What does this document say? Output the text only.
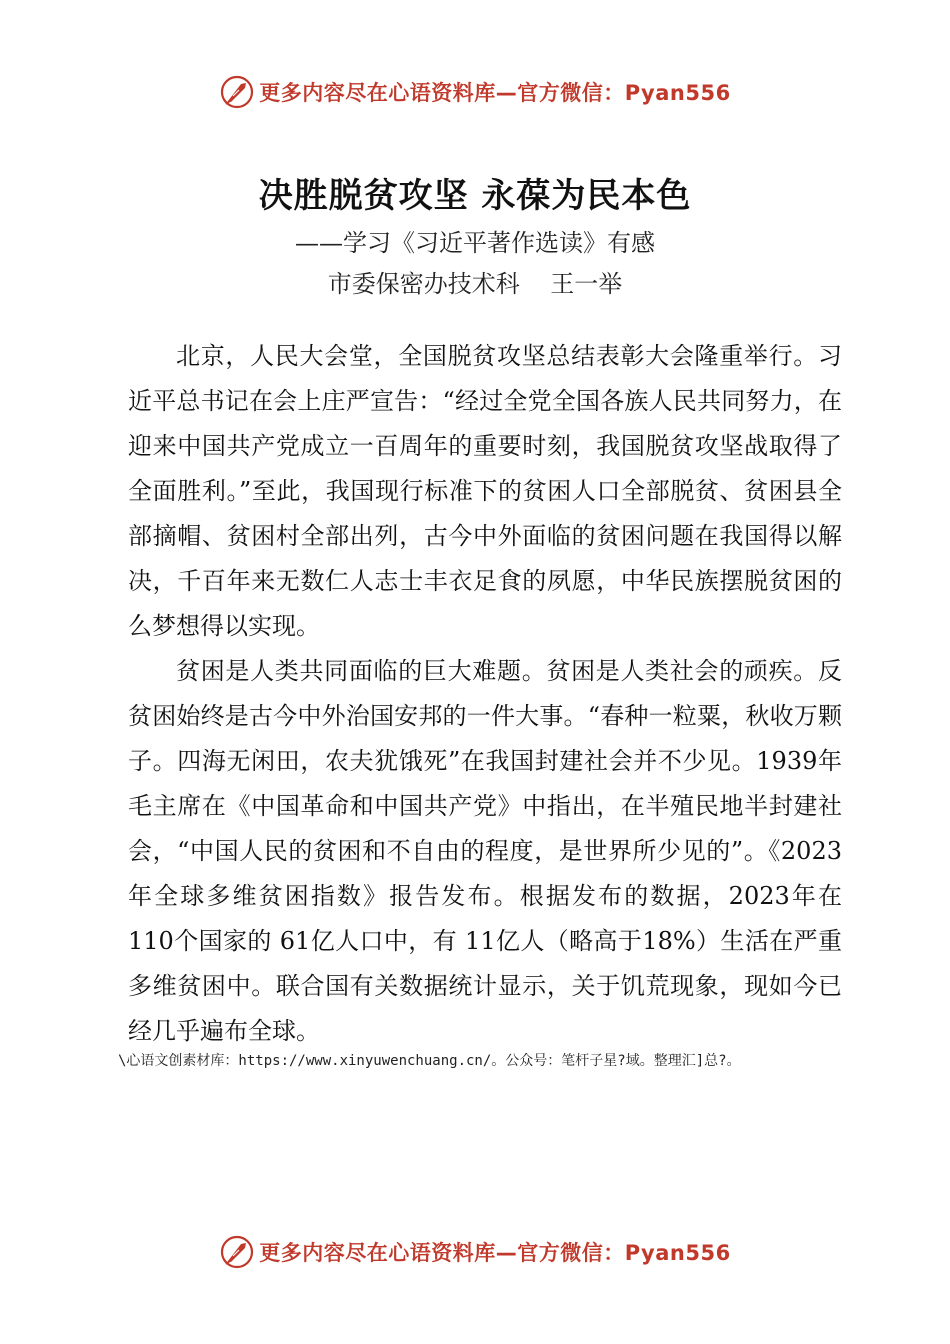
更多内容尽在心语资料库—官方微信：Pyan556
决胜脱贫攻坚 永葆为民本色
——学习《习近平著作选读》有感
市委保密办技术科    王一举

北京，人民大会堂，全国脱贫攻坚总结表彰大会隆重举行。习近平总书记在会上庄严宣告：“经过全党全国各族人民共同努力，在迎来中国共产党成立一百周年的重要时刻，我国脱贫攻坚战取得了全面胜利。”至此，我国现行标准下的贫困人口全部脱贫、贫困县全部摘帽、贫困村全部出列，古今中外面临的贫困问题在我国得以解决，千百年来无数仁人志士丰衣足食的夙愿，中华民族摆脱贫困的么梦想得以实现。

贫困是人类共同面临的巨大难题。贫困是人类社会的顽疾。反贫困始终是古今中外治国安邦的一件大事。“春种一粒粟，秋收万颗子。四海无闲田，农夫犹饿死”在我国封建社会并不少见。1939年毛主席在《中国革命和中国共产党》中指出，在半殖民地半封建社会，“中国人民的贫困和不自由的程度，是世界所少见的”。《2023年全球多维贫困指数》报告发布。根据发布的数据，2023年在 110个国家的 61亿人口中，有 11亿人（略高于18%）生活在严重多维贫困中。联合国有关数据统计显示，关于饥荒现象，现如今已经几乎遍布全球。

\心语文创素材库：https://www.xinyuwenchuang.cn/。公众号：笔杆子星?域。整理汇]总?。
更多内容尽在心语资料库—官方微信：Pyan556
